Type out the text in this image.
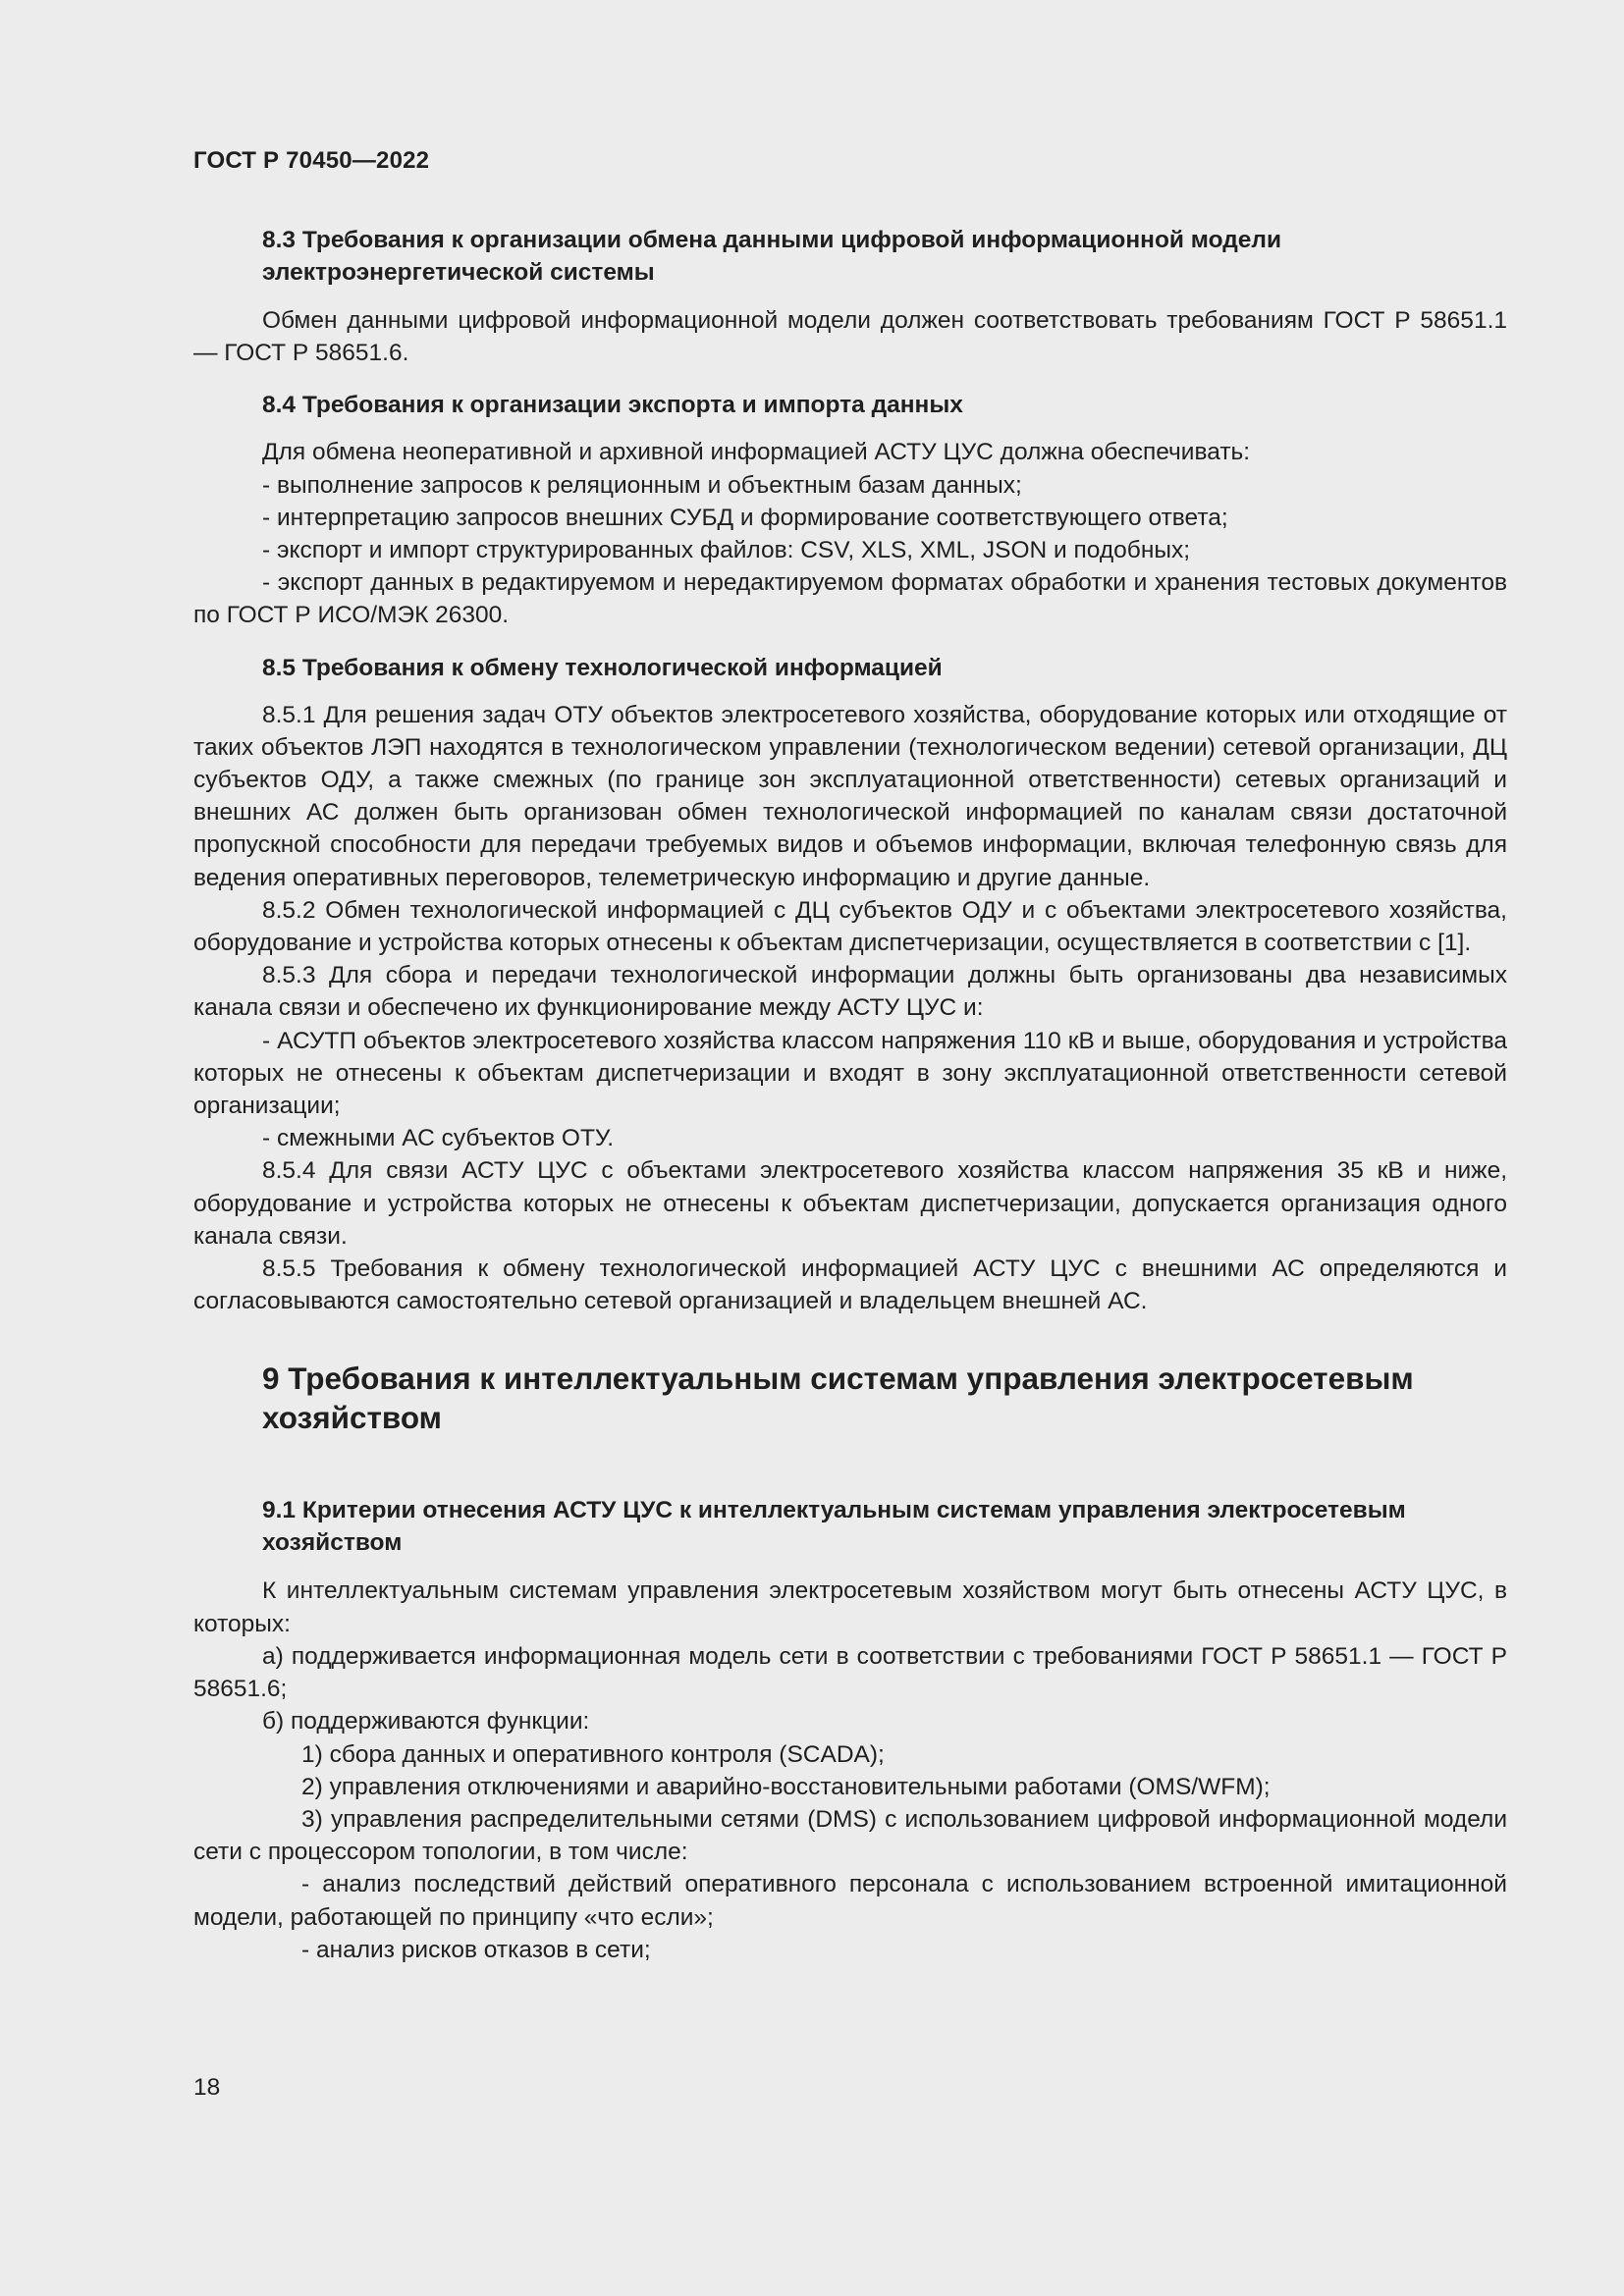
ГОСТ Р 70450—2022
8.3 Требования к организации обмена данными цифровой информационной модели электроэнергетической системы

Обмен данными цифровой информационной модели должен соответствовать требованиям ГОСТ Р 58651.1 — ГОСТ Р 58651.6.

8.4 Требования к организации экспорта и импорта данных

Для обмена неоперативной и архивной информацией АСТУ ЦУС должна обеспечивать:

- выполнение запросов к реляционным и объектным базам данных;

- интерпретацию запросов внешних СУБД и формирование соответствующего ответа;

- экспорт и импорт структурированных файлов: CSV, XLS, XML, JSON и подобных;

- экспорт данных в редактируемом и нередактируемом форматах обработки и хранения тестовых документов по ГОСТ Р ИСО/МЭК 26300.

8.5 Требования к обмену технологической информацией

8.5.1 Для решения задач ОТУ объектов электросетевого хозяйства, оборудование которых или отходящие от таких объектов ЛЭП находятся в технологическом управлении (технологическом ведении) сетевой организации, ДЦ субъектов ОДУ, а также смежных (по границе зон эксплуатационной ответственности) сетевых организаций и внешних АС должен быть организован обмен технологической информацией по каналам связи достаточной пропускной способности для передачи требуемых видов и объемов информации, включая телефонную связь для ведения оперативных переговоров, телеметрическую информацию и другие данные.

8.5.2 Обмен технологической информацией с ДЦ субъектов ОДУ и с объектами электросетевого хозяйства, оборудование и устройства которых отнесены к объектам диспетчеризации, осуществляется в соответствии с [1].

8.5.3 Для сбора и передачи технологической информации должны быть организованы два независимых канала связи и обеспечено их функционирование между АСТУ ЦУС и:

- АСУТП объектов электросетевого хозяйства классом напряжения 110 кВ и выше, оборудования и устройства которых не отнесены к объектам диспетчеризации и входят в зону эксплуатационной ответственности сетевой организации;

- смежными АС субъектов ОТУ.

8.5.4 Для связи АСТУ ЦУС с объектами электросетевого хозяйства классом напряжения 35 кВ и ниже, оборудование и устройства которых не отнесены к объектам диспетчеризации, допускается организация одного канала связи.

8.5.5 Требования к обмену технологической информацией АСТУ ЦУС с внешними АС определяются и согласовываются самостоятельно сетевой организацией и владельцем внешней АС.

9 Требования к интеллектуальным системам управления электросетевым хозяйством
9.1 Критерии отнесения АСТУ ЦУС к интеллектуальным системам управления электросетевым хозяйством

К интеллектуальным системам управления электросетевым хозяйством могут быть отнесены АСТУ ЦУС, в которых:

а) поддерживается информационная модель сети в соответствии с требованиями ГОСТ Р 58651.1 — ГОСТ Р 58651.6;

б) поддерживаются функции:

1) сбора данных и оперативного контроля (SCADA);

2) управления отключениями и аварийно-восстановительными работами (OMS/WFM);

3) управления распределительными сетями (DMS) с использованием цифровой информационной модели сети с процессором топологии, в том числе:

- анализ последствий действий оперативного персонала с использованием встроенной имитационной модели, работающей по принципу «что если»;

- анализ рисков отказов в сети;

18
